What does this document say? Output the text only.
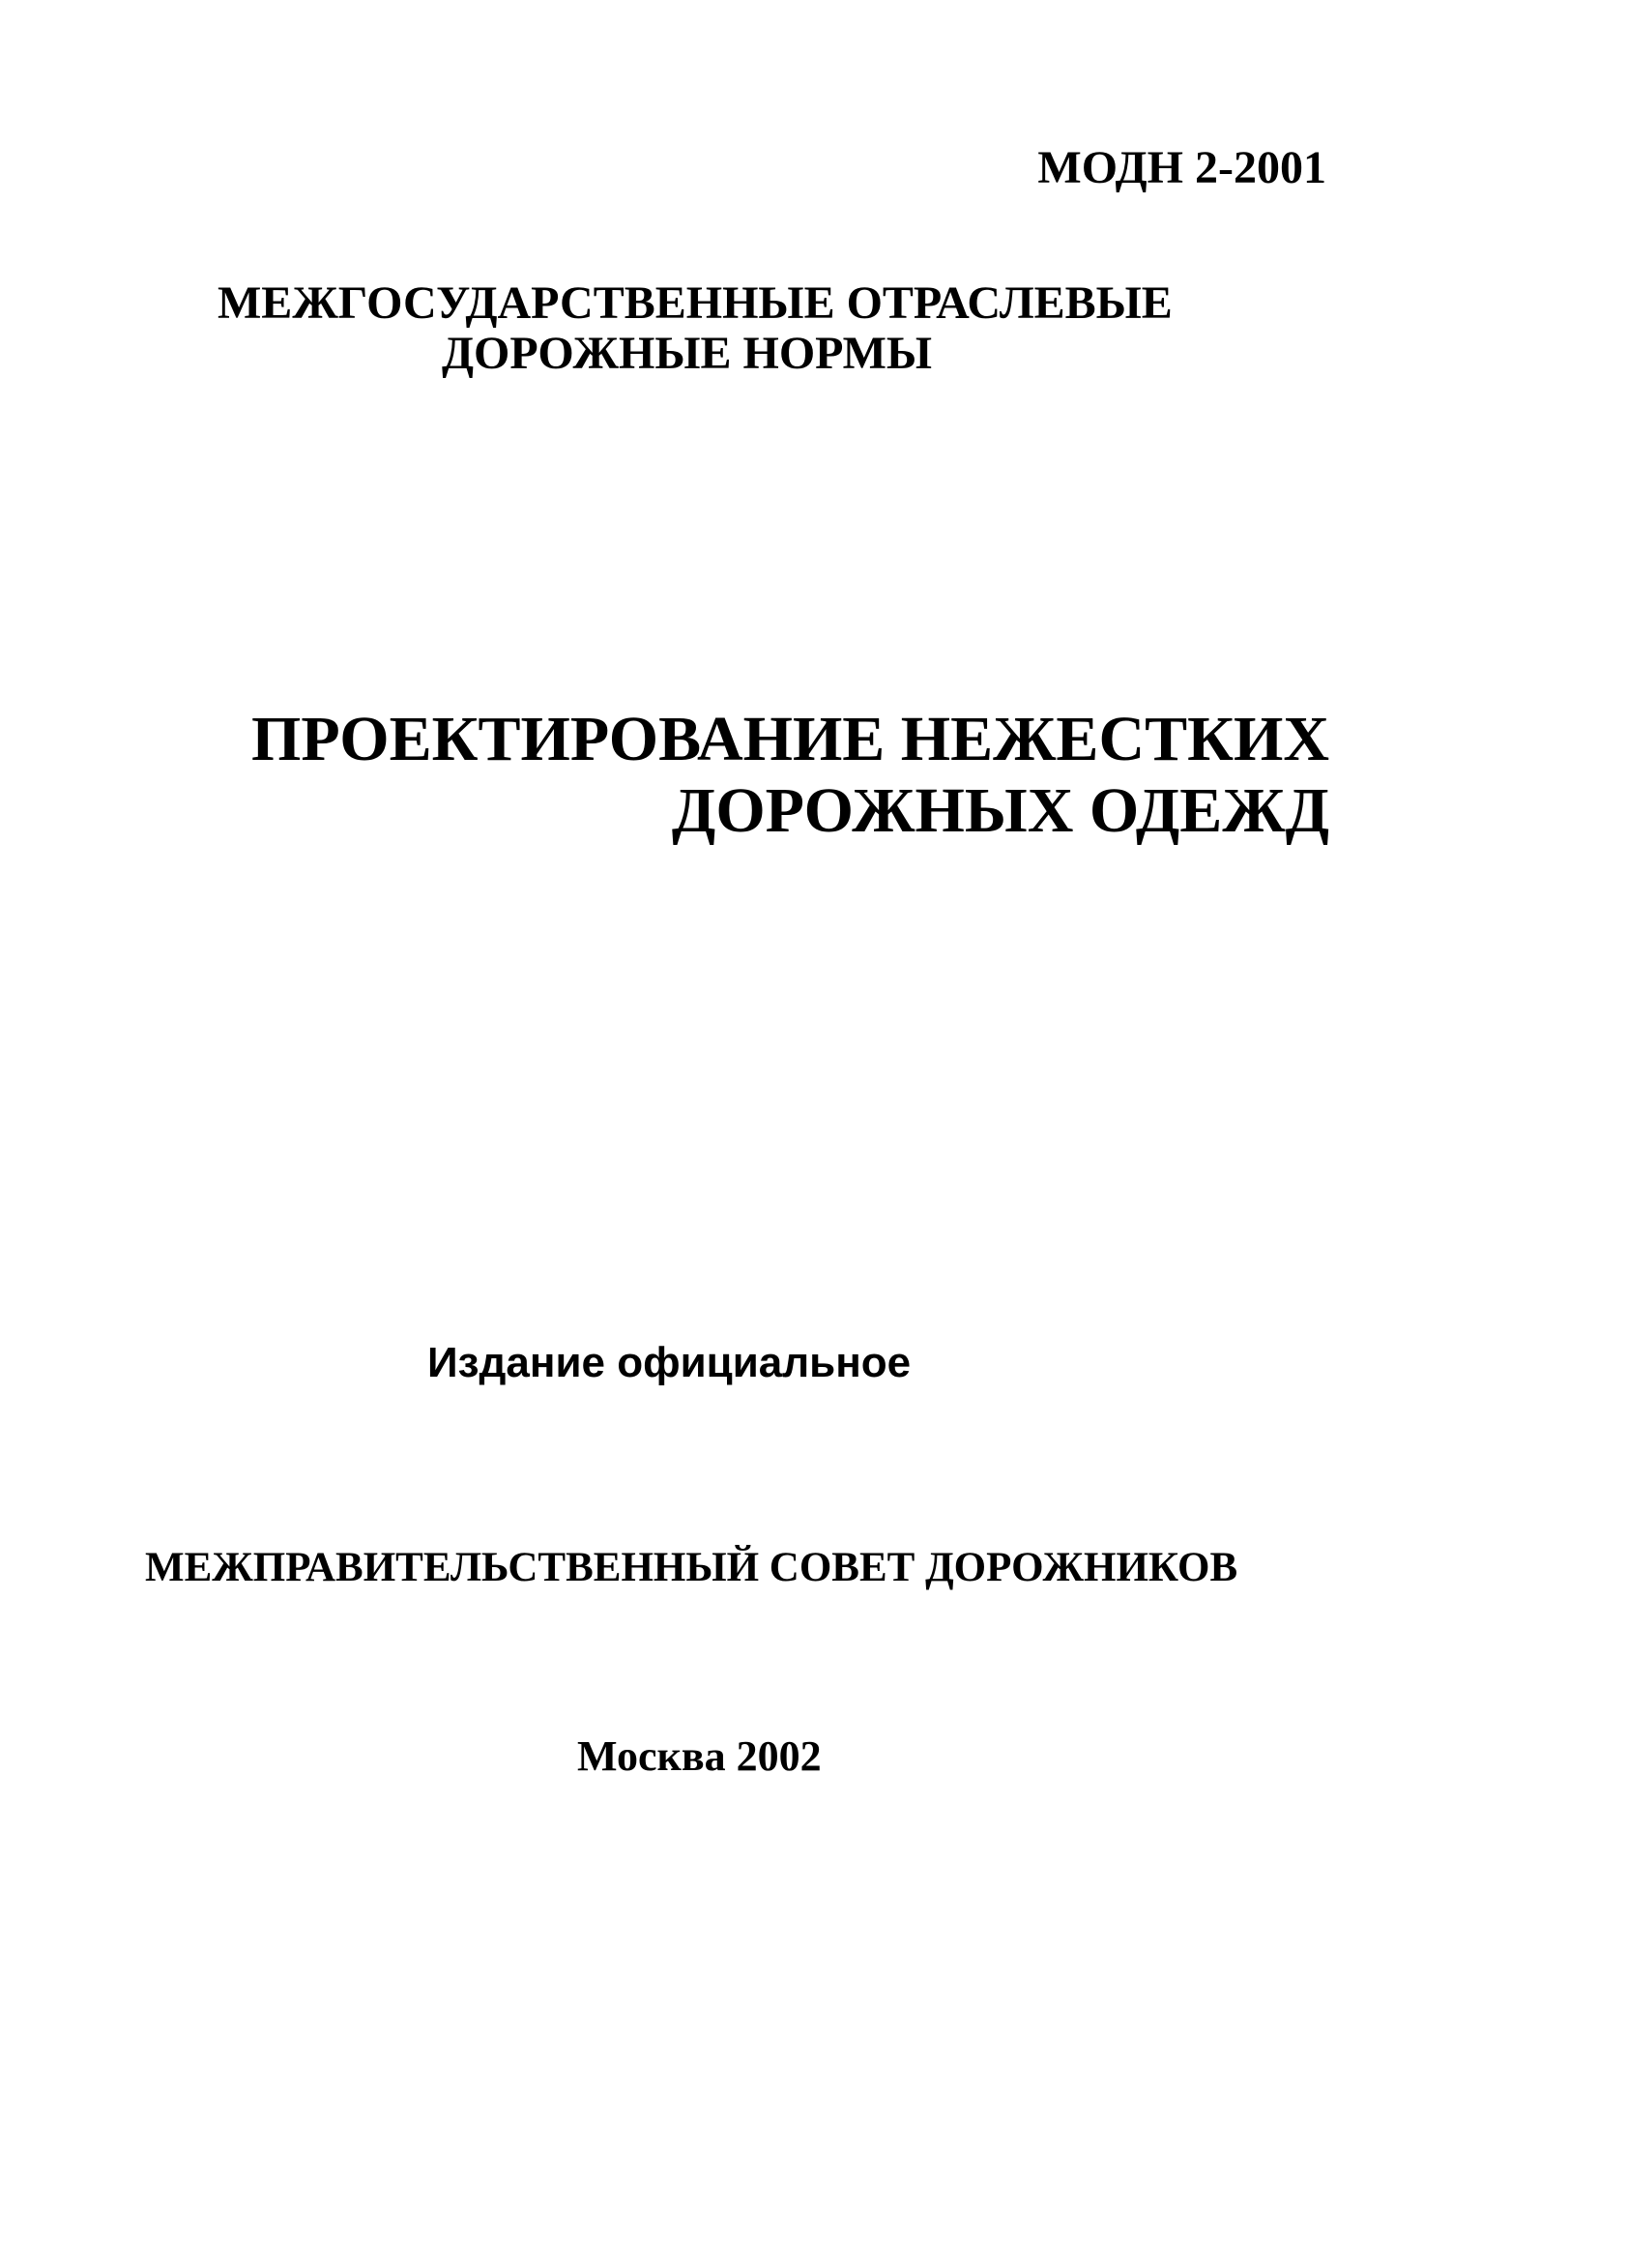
МОДН 2-2001
МЕЖГОСУДАРСТВЕННЫЕ ОТРАСЛЕВЫЕ
ДОРОЖНЫЕ НОРМЫ
ПРОЕКТИРОВАНИЕ НЕЖЕСТКИХ
ДОРОЖНЫХ ОДЕЖД
Издание официальное
МЕЖПРАВИТЕЛЬСТВЕННЫЙ СОВЕТ ДОРОЖНИКОВ
Москва 2002
